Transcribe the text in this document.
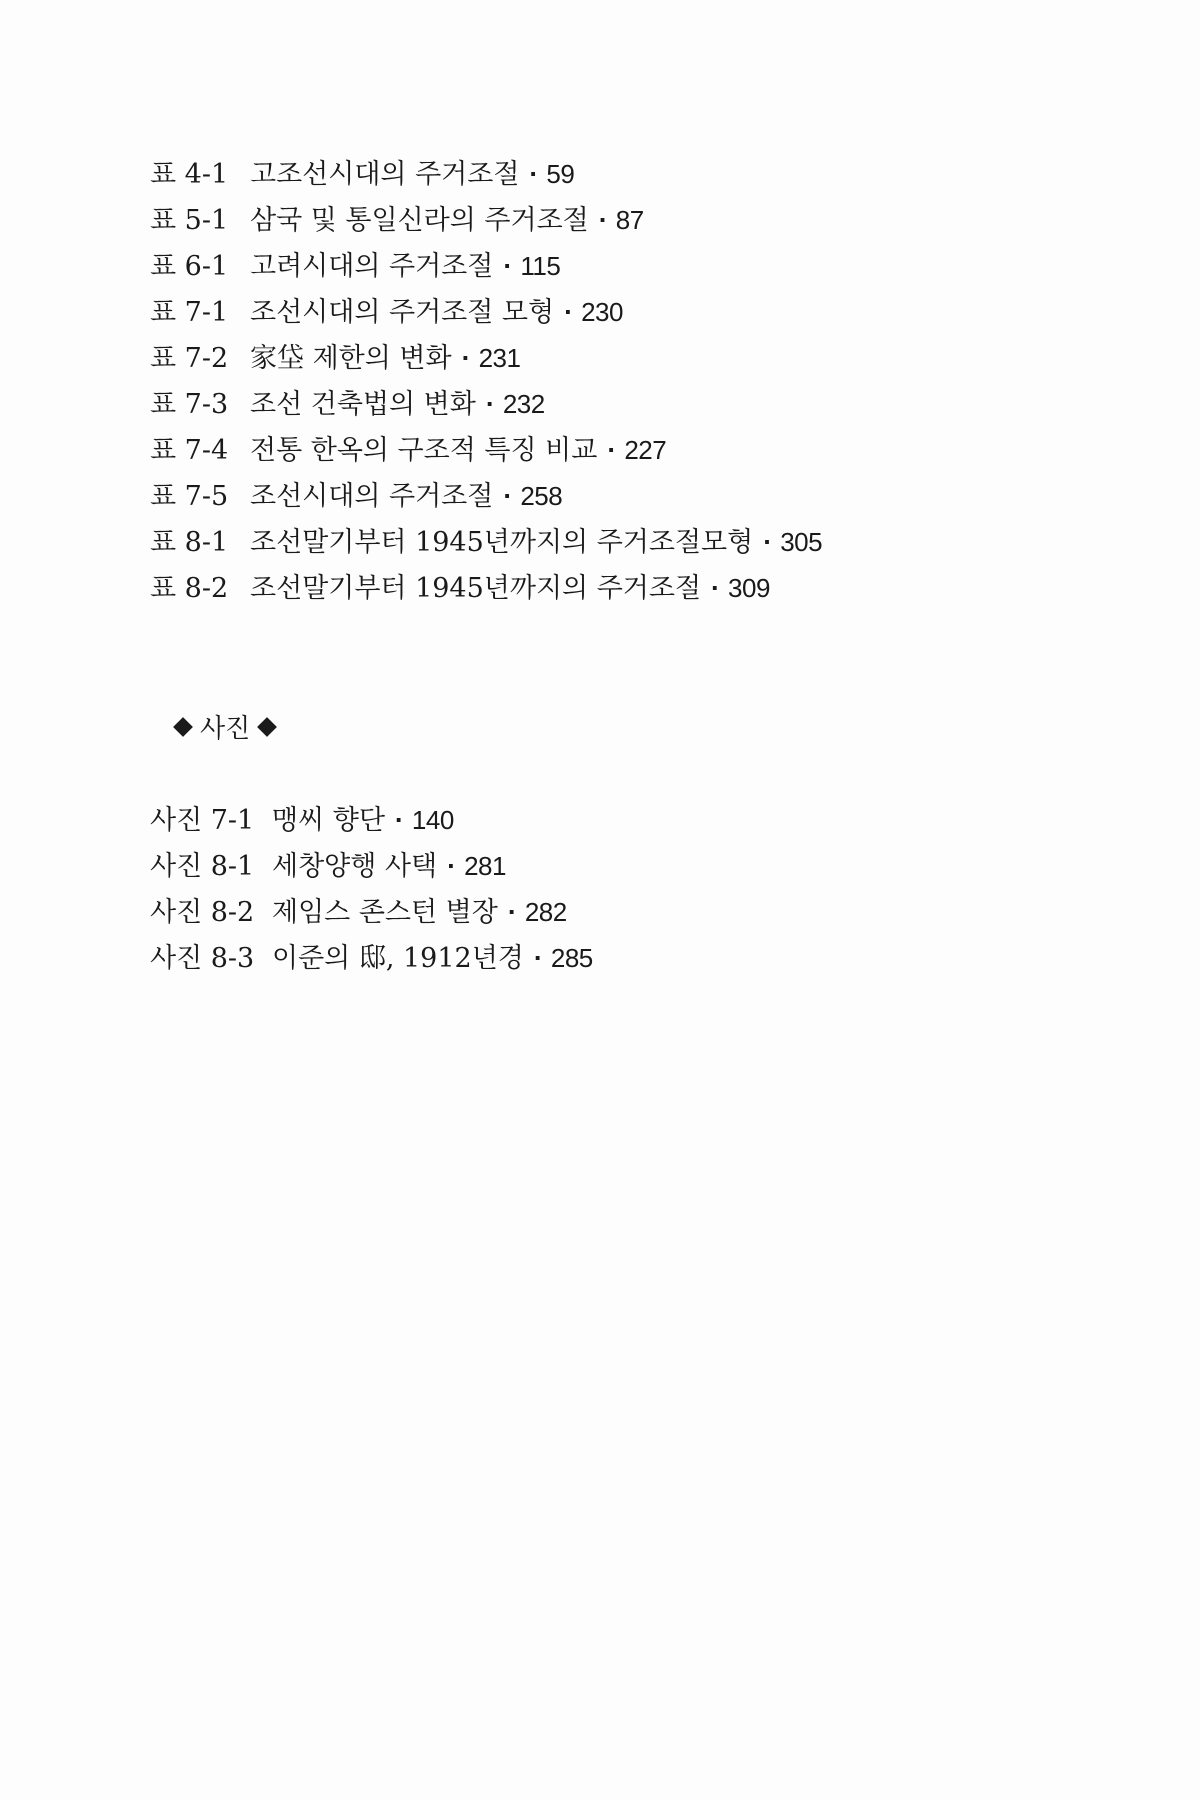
표 4-1 고조선시대의 주거조절 · 59
표 5-1 삼국 및 통일신라의 주거조절 · 87
표 6-1 고려시대의 주거조절 · 115
표 7-1 조선시대의 주거조절 모형 · 230
표 7-2 家垈 제한의 변화 · 231
표 7-3 조선 건축법의 변화 · 232
표 7-4 전통 한옥의 구조적 특징 비교 · 227
표 7-5 조선시대의 주거조절 · 258
표 8-1 조선말기부터 1945년까지의 주거조절모형 · 305
표 8-2 조선말기부터 1945년까지의 주거조절 · 309
사진
사진 7-1 맹씨 향단 · 140
사진 8-1 세창양행 사택 · 281
사진 8-2 제임스 존스턴 별장 · 282
사진 8-3 이준의 邸, 1912년경 · 285
